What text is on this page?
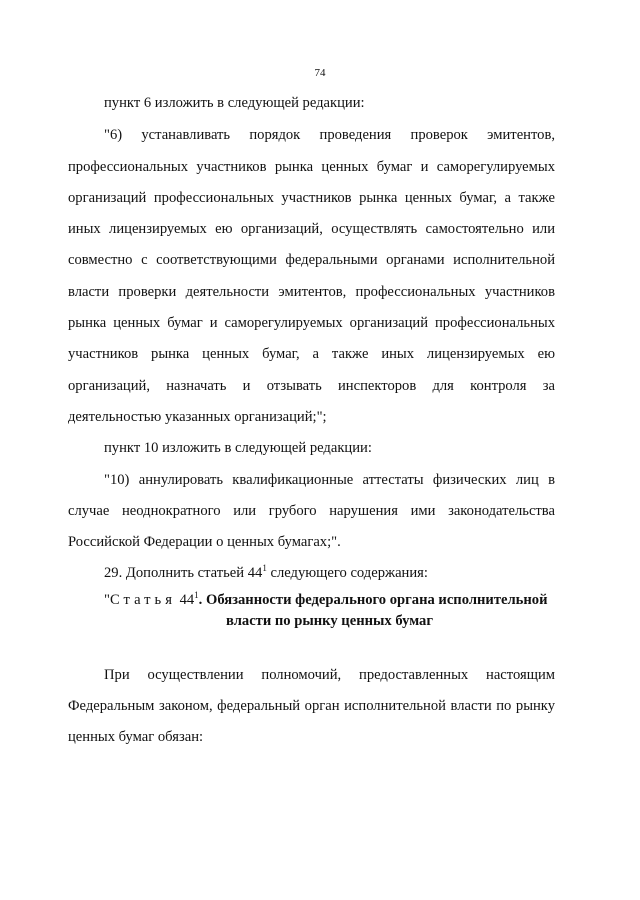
74
пункт 6 изложить в следующей редакции:
"6) устанавливать порядок проведения проверок эмитентов,
профессиональных участников рынка ценных бумаг и саморегулируемых
организаций профессиональных участников рынка ценных бумаг, а также
иных лицензируемых ею организаций, осуществлять самостоятельно или
совместно с соответствующими федеральными органами исполнительной
власти проверки деятельности эмитентов, профессиональных участников
рынка ценных бумаг и саморегулируемых организаций профессиональных
участников рынка ценных бумаг, а также иных лицензируемых ею
организаций, назначать и отзывать инспекторов для контроля за
деятельностью указанных организаций;";
пункт 10 изложить в следующей редакции:
"10) аннулировать квалификационные аттестаты физических лиц в
случае неоднократного или грубого нарушения ими законодательства
Российской Федерации о ценных бумагах;".
29. Дополнить статьей $44^1$ следующего содержания:
"Статья $44^1$. Обязанности федерального органа исполнительной
власти по рынку ценных бумаг
При осуществлении полномочий, предоставленных настоящим
Федеральным законом, федеральный орган исполнительной власти по рынку
ценных бумаг обязан:
